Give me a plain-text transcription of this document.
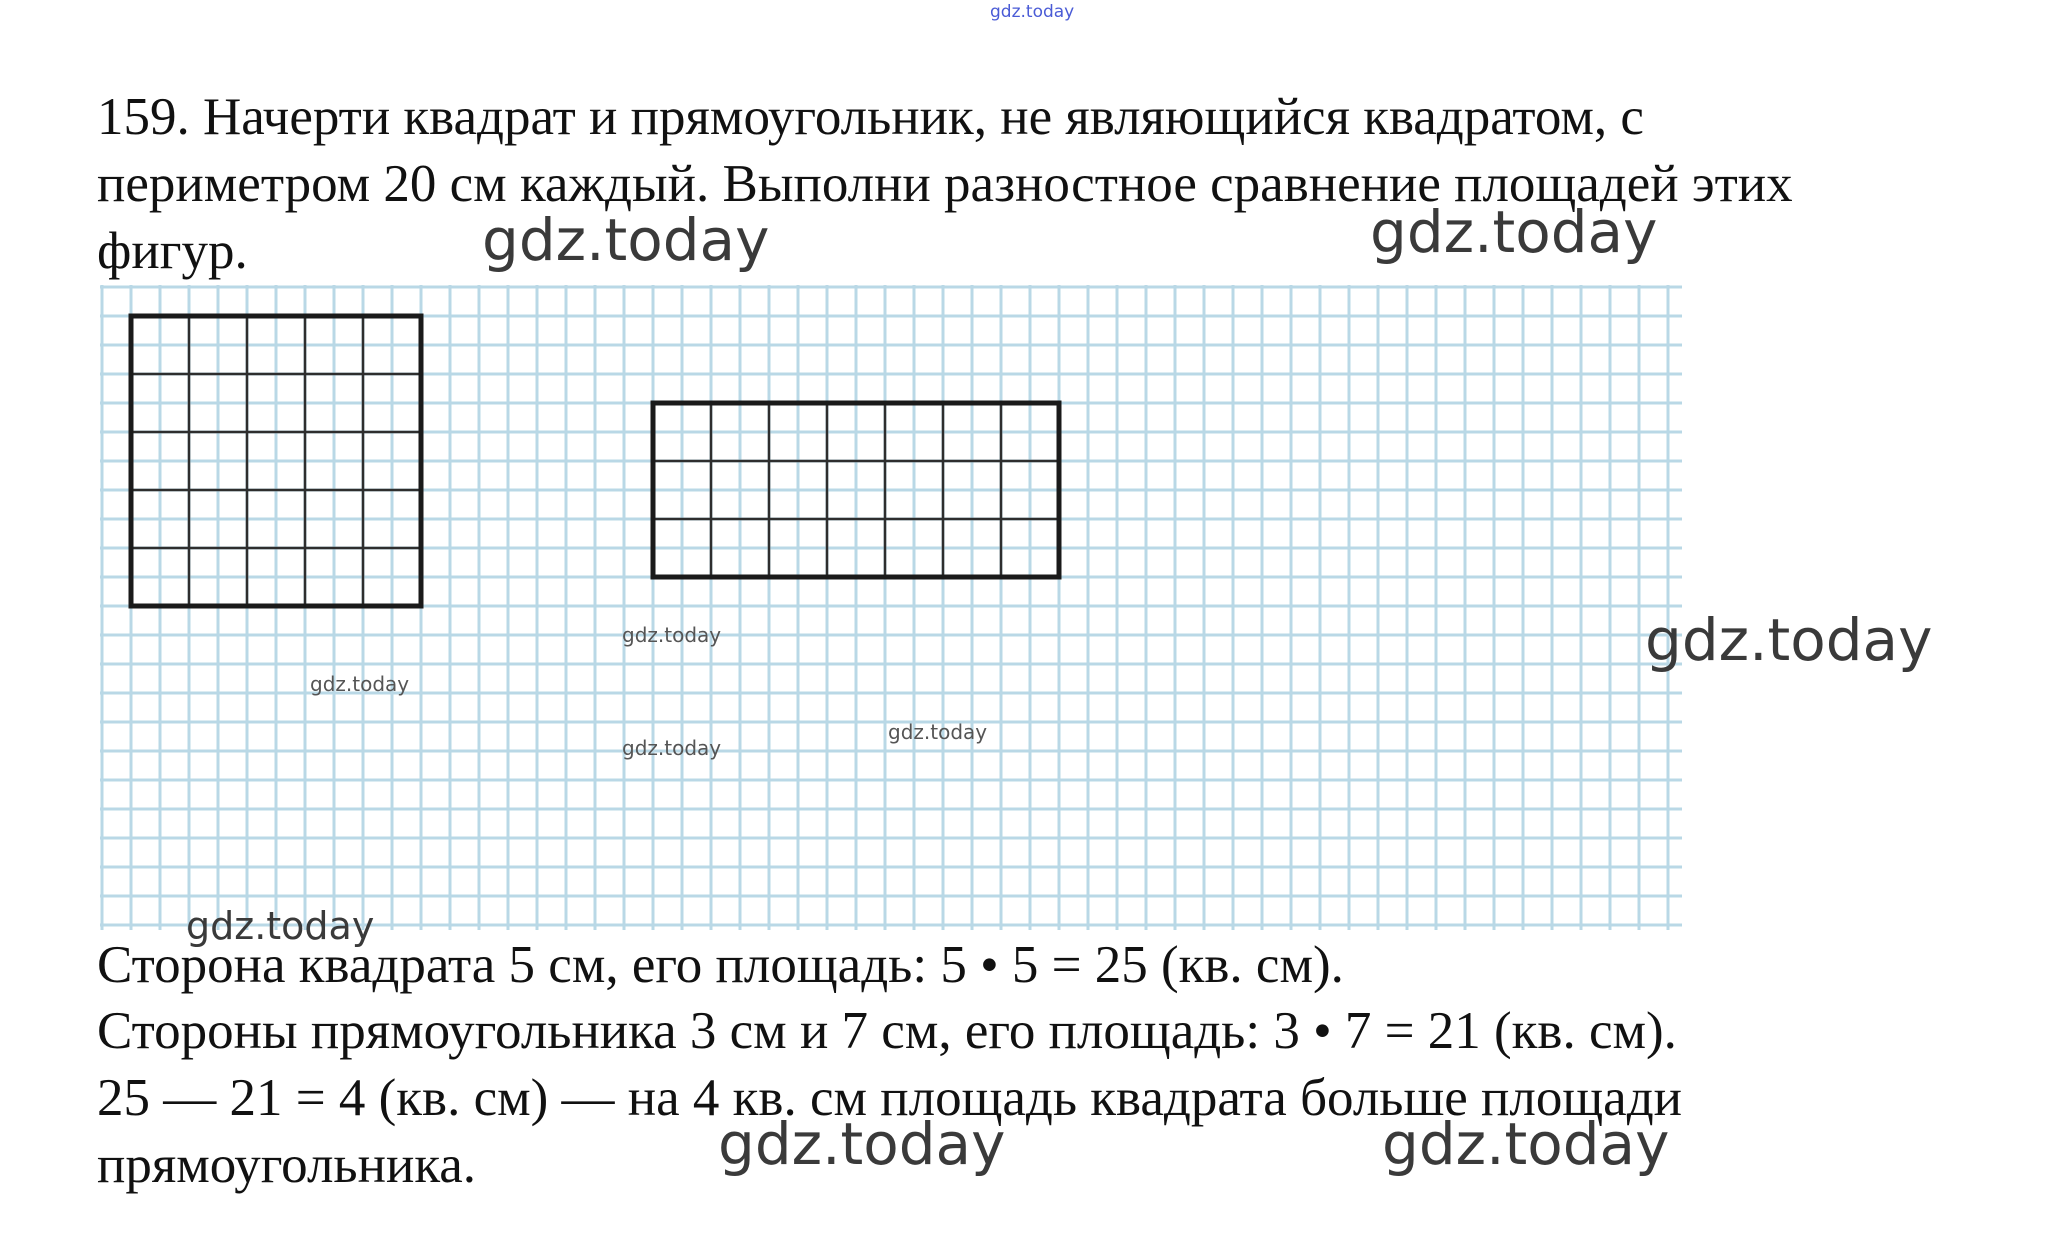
gdz.today

159. Начерти квадрат и прямоугольник, не являющийся квадратом, с

периметром 20 см каждый. Выполни разностное сравнение площадей этих

фигур.	gdz.today	gdz.today
gdz.today
gdz.today
gdz.today
gdz.today
gdz.today
gdz.today

Сторона квадрата 5 см, его площадь: 5 • 5 = 25 (кв. см).

Стороны прямоугольника 3 см и 7 см, его площадь: 3 • 7 = 21 (кв. см).

25 — 21 = 4 (кв. см) — на 4 кв. см площадь квадрата больше площади

прямоугольника.	gdz.today	gdz.today
